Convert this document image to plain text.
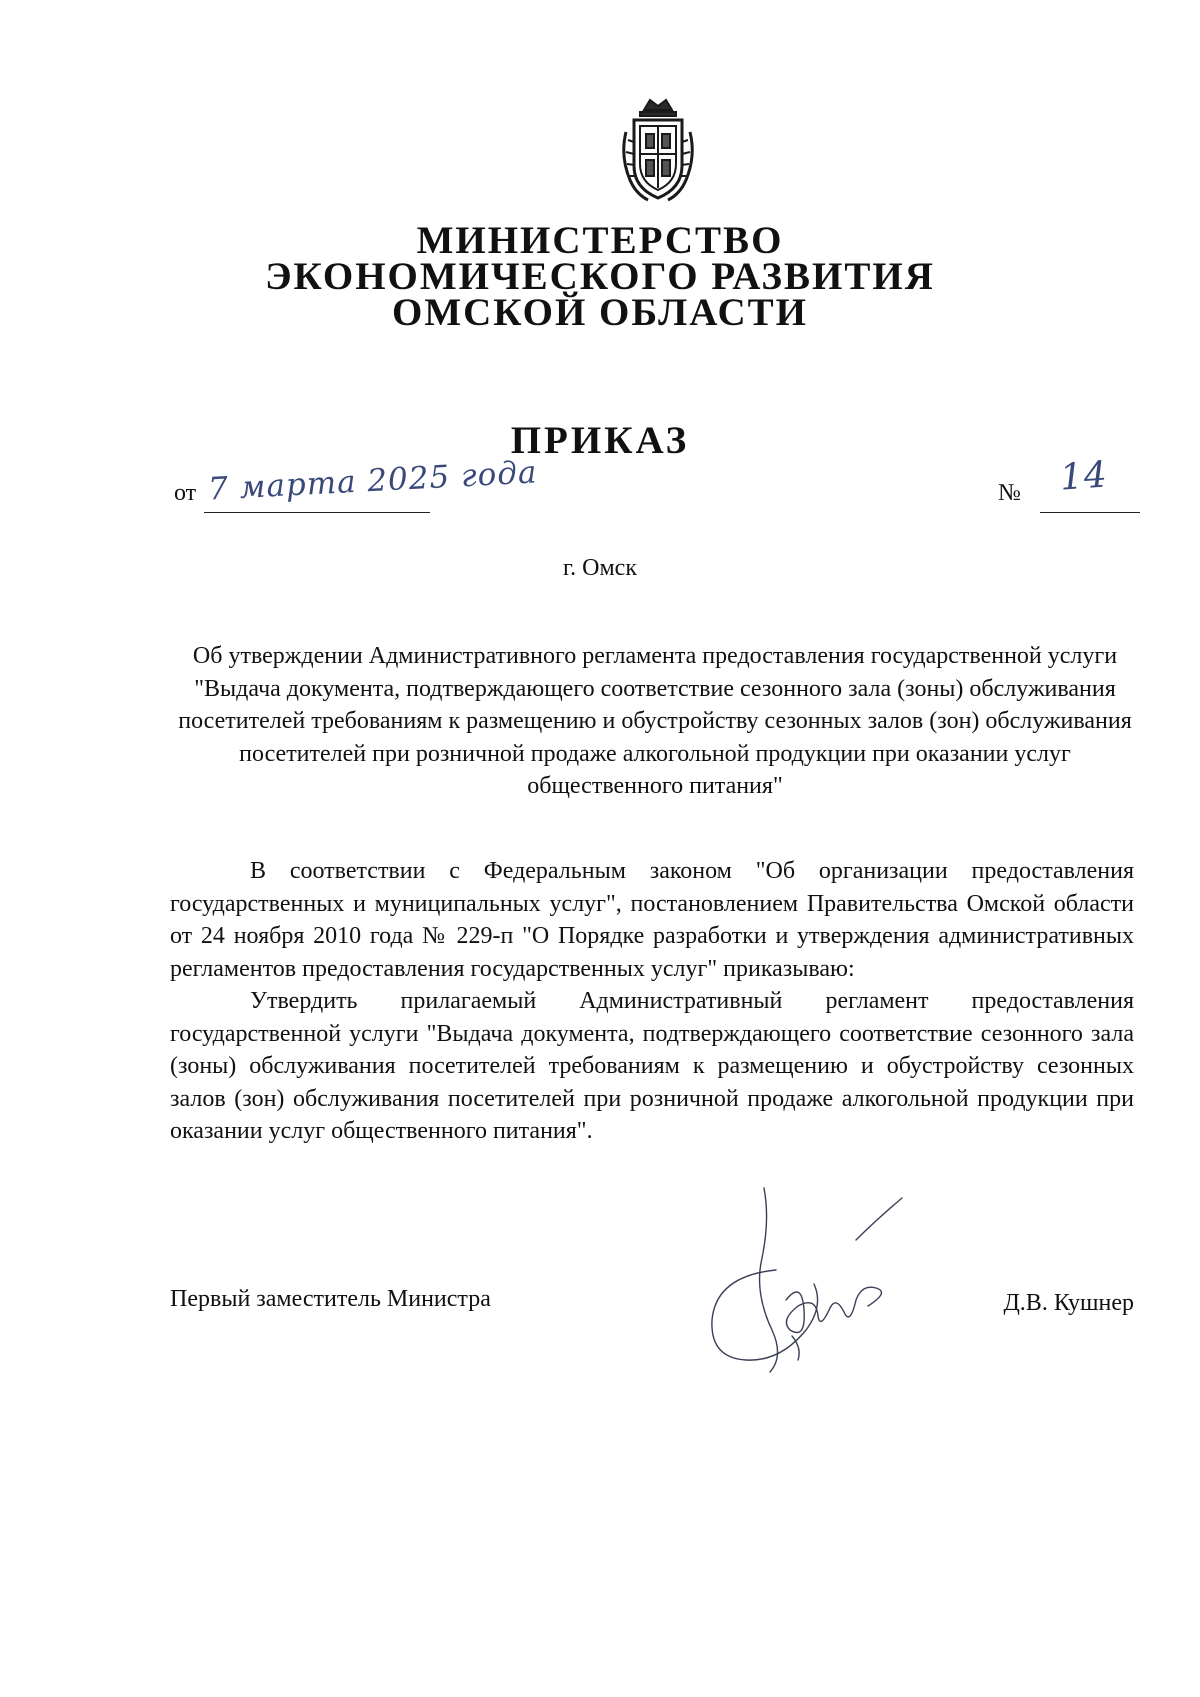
МИНИСТЕРСТВО
ЭКОНОМИЧЕСКОГО РАЗВИТИЯ
ОМСКОЙ ОБЛАСТИ
ПРИКАЗ
от 7 марта 2025 года	№ 14
г. Омск
Об утверждении Административного регламента предоставления государственной услуги "Выдача документа, подтверждающего соответствие сезонного зала (зоны) обслуживания посетителей требованиям к размещению и обустройству сезонных залов (зон) обслуживания посетителей при розничной продаже алкогольной продукции при оказании услуг общественного питания"

В соответствии с Федеральным законом "Об организации предоставления государственных и муниципальных услуг", постановлением Правительства Омской области от 24 ноября 2010 года № 229-п "О Порядке разработки и утверждения административных регламентов предоставления государственных услуг" приказываю:

Утвердить прилагаемый Административный регламент предоставления государственной услуги "Выдача документа, подтверждающего соответствие сезонного зала (зоны) обслуживания посетителей требованиям к размещению и обустройству сезонных залов (зон) обслуживания посетителей при розничной продаже алкогольной продукции при оказании услуг общественного питания".

Первый заместитель Министра	Д.В. Кушнер
